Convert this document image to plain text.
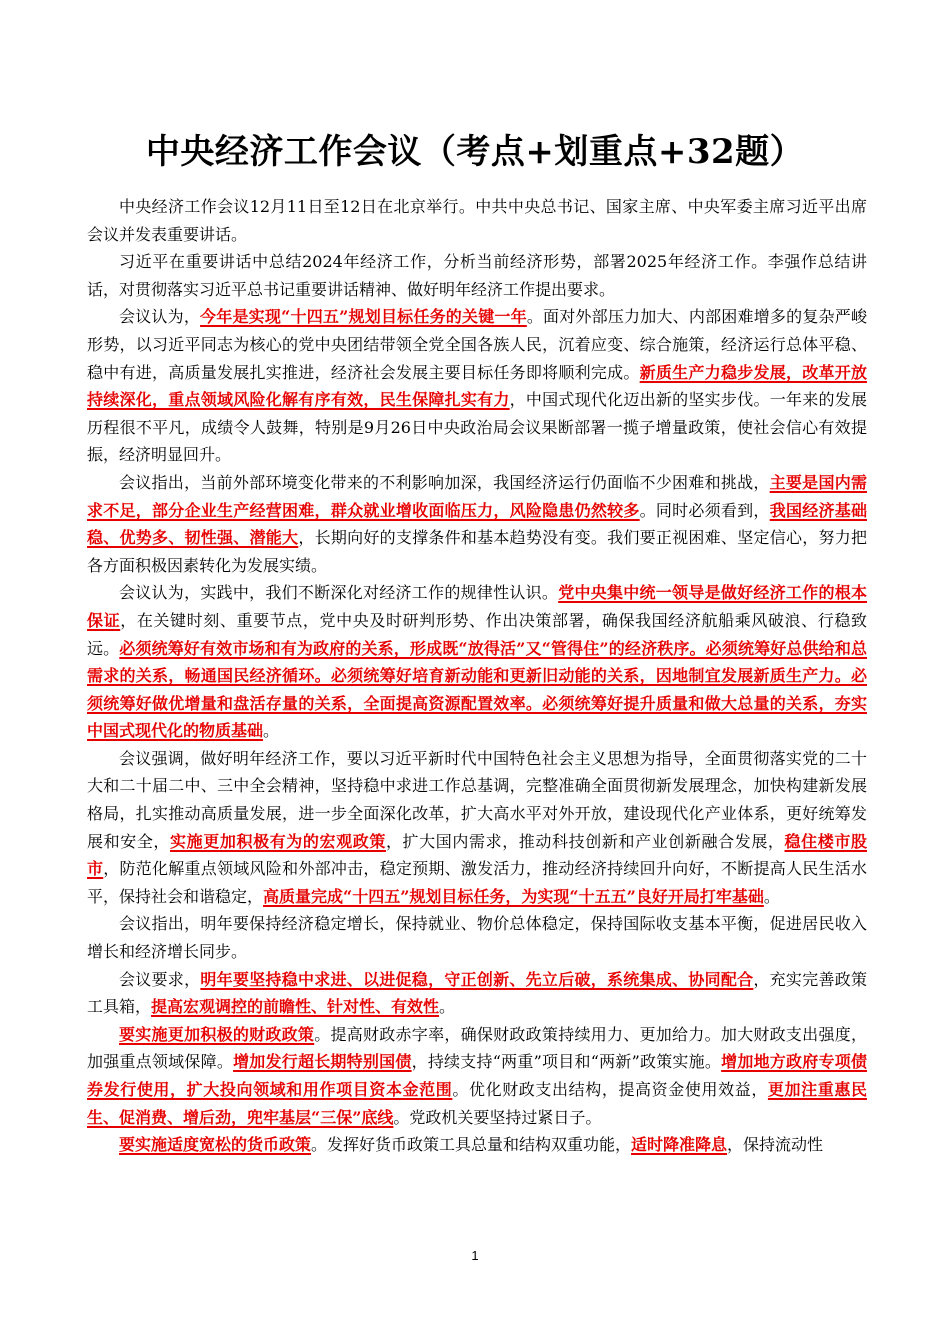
中央经济工作会议（考点+划重点+32题）

中央经济工作会议12月11日至12日在北京举行。中共中央总书记、国家主席、中央军委主席习近平出席会议并发表重要讲话。

习近平在重要讲话中总结2024年经济工作，分析当前经济形势，部署2025年经济工作。李强作总结讲话，对贯彻落实习近平总书记重要讲话精神、做好明年经济工作提出要求。

会议认为，今年是实现“十四五”规划目标任务的关键一年。面对外部压力加大、内部困难增多的复杂严峻形势，以习近平同志为核心的党中央团结带领全党全国各族人民，沉着应变、综合施策，经济运行总体平稳、稳中有进，高质量发展扎实推进，经济社会发展主要目标任务即将顺利完成。新质生产力稳步发展，改革开放持续深化，重点领域风险化解有序有效，民生保障扎实有力，中国式现代化迈出新的坚实步伐。一年来的发展历程很不平凡，成绩令人鼓舞，特别是9月26日中央政治局会议果断部署一揽子增量政策，使社会信心有效提振，经济明显回升。

会议指出，当前外部环境变化带来的不利影响加深，我国经济运行仍面临不少困难和挑战，主要是国内需求不足，部分企业生产经营困难，群众就业增收面临压力，风险隐患仍然较多。同时必须看到，我国经济基础稳、优势多、韧性强、潜能大，长期向好的支撑条件和基本趋势没有变。我们要正视困难、坚定信心，努力把各方面积极因素转化为发展实绩。

会议认为，实践中，我们不断深化对经济工作的规律性认识。党中央集中统一领导是做好经济工作的根本保证，在关键时刻、重要节点，党中央及时研判形势、作出决策部署，确保我国经济航船乘风破浪、行稳致远。必须统筹好有效市场和有为政府的关系，形成既“放得活”又“管得住”的经济秩序。必须统筹好总供给和总需求的关系，畅通国民经济循环。必须统筹好培育新动能和更新旧动能的关系，因地制宜发展新质生产力。必须统筹好做优增量和盘活存量的关系，全面提高资源配置效率。必须统筹好提升质量和做大总量的关系，夯实中国式现代化的物质基础。

会议强调，做好明年经济工作，要以习近平新时代中国特色社会主义思想为指导，全面贯彻落实党的二十大和二十届二中、三中全会精神，坚持稳中求进工作总基调，完整准确全面贯彻新发展理念，加快构建新发展格局，扎实推动高质量发展，进一步全面深化改革，扩大高水平对外开放，建设现代化产业体系，更好统筹发展和安全，实施更加积极有为的宏观政策，扩大国内需求，推动科技创新和产业创新融合发展，稳住楼市股市，防范化解重点领域风险和外部冲击，稳定预期、激发活力，推动经济持续回升向好，不断提高人民生活水平，保持社会和谐稳定，高质量完成“十四五”规划目标任务，为实现“十五五”良好开局打牢基础。

会议指出，明年要保持经济稳定增长，保持就业、物价总体稳定，保持国际收支基本平衡，促进居民收入增长和经济增长同步。

会议要求，明年要坚持稳中求进、以进促稳，守正创新、先立后破，系统集成、协同配合，充实完善政策工具箱，提高宏观调控的前瞻性、针对性、有效性。

要实施更加积极的财政政策。提高财政赤字率，确保财政政策持续用力、更加给力。加大财政支出强度，加强重点领域保障。增加发行超长期特别国债，持续支持“两重”项目和“两新”政策实施。增加地方政府专项债券发行使用，扩大投向领域和用作项目资本金范围。优化财政支出结构，提高资金使用效益，更加注重惠民生、促消费、增后劲，兜牢基层“三保”底线。党政机关要坚持过紧日子。

要实施适度宽松的货币政策。发挥好货币政策工具总量和结构双重功能，适时降准降息，保持流动性

1
